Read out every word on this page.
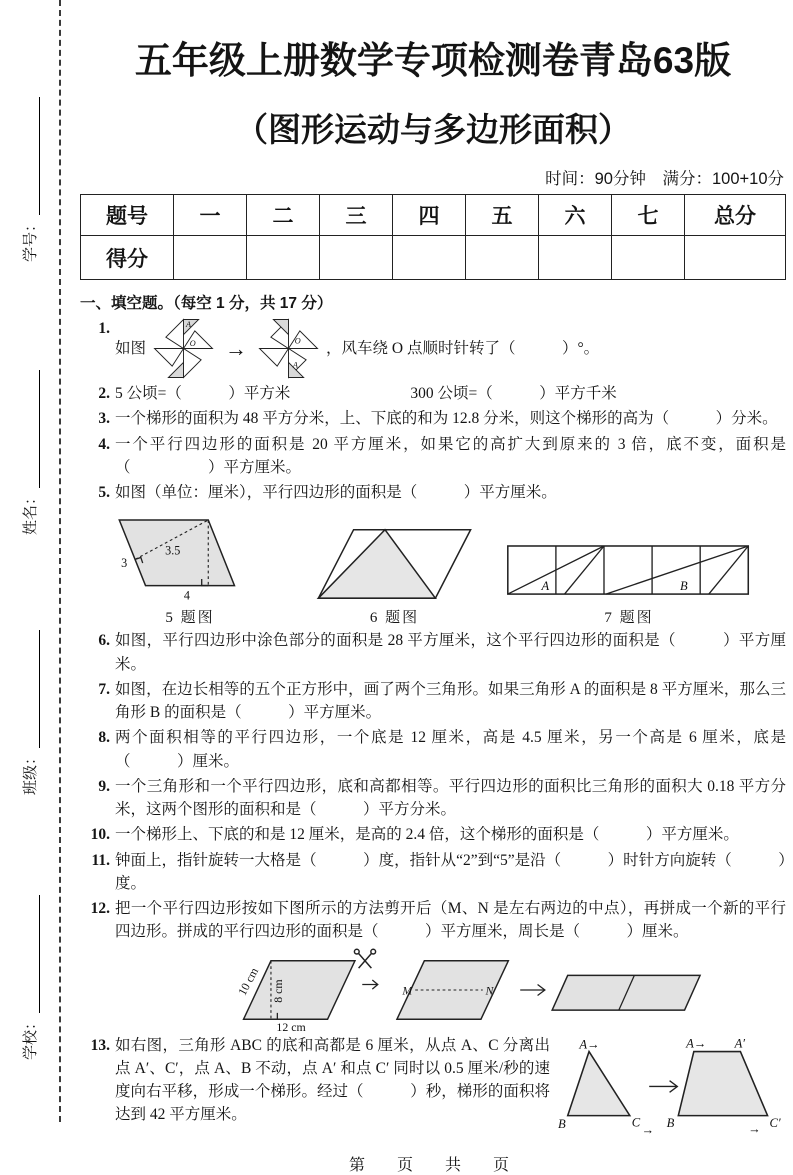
学号：
姓名：
班级：
学校：
五年级上册数学专项检测卷青岛63版
（图形运动与多边形面积）
时间：90分钟　满分：100+10分
题号	一	二	三	四	五	六	七	总分
得分								
一、填空题。（每空 1 分，共 17 分）
1.
如图
A
O →	O
A
，风车绕 O 点顺时针转了（　　　）°。
2. 5 公顷=（　　　）平方米	300 公顷=（　　　）平方千米
3. 一个梯形的面积为 48 平方分米，上、下底的和为 12.8 分米，则这个梯形的高为（　　　）分米。
4. 一个平行四边形的面积是 20 平方厘米，如果它的高扩大到原来的 3 倍，底不变，面积是（　　　　　）平方厘米。
5. 如图（单位：厘米），平行四边形的面积是（　　　）平方厘米。
3
3.5
4
5 题图	6 题图
A	B
7 题图
6. 如图，平行四边形中涂色部分的面积是 28 平方厘米，这个平行四边形的面积是（　　　）平方厘米。
7. 如图，在边长相等的五个正方形中，画了两个三角形。如果三角形 A 的面积是 8 平方厘米，那么三角形 B 的面积是（　　　）平方厘米。
8. 两个面积相等的平行四边形，一个底是 12 厘米，高是 4.5 厘米，另一个高是 6 厘米，底是（　　　）厘米。
9. 一个三角形和一个平行四边形，底和高都相等。平行四边形的面积比三角形的面积大 0.18 平方分米，这两个图形的面积和是（　　　）平方分米。
10. 一个梯形上、下底的和是 12 厘米，是高的 2.4 倍，这个梯形的面积是（　　　）平方厘米。
11. 钟面上，指针旋转一大格是（　　　）度，指针从“2”到“5”是沿（　　　）时针方向旋转（　　　）度。
12. 把一个平行四边形按如下图所示的方法剪开后（M、N 是左右两边的中点），再拼成一个新的平行四边形。拼成的平行四边形的面积是（　　　）平方厘米，周长是（　　　）厘米。
10 cm 8 cm
12 cm
M	N
13.	A→
B	C
→
A→ A′
B	C′
→
如右图，三角形 ABC 的底和高都是 6 厘米，从点 A、C 分离出点 A′、C′，点 A、B 不动，点 A′ 和点 C′ 同时以 0.5 厘米/秒的速度向右平移，形成一个梯形。经过（　　　）秒，梯形的面积将达到 42 平方厘米。
第　页　共　页
